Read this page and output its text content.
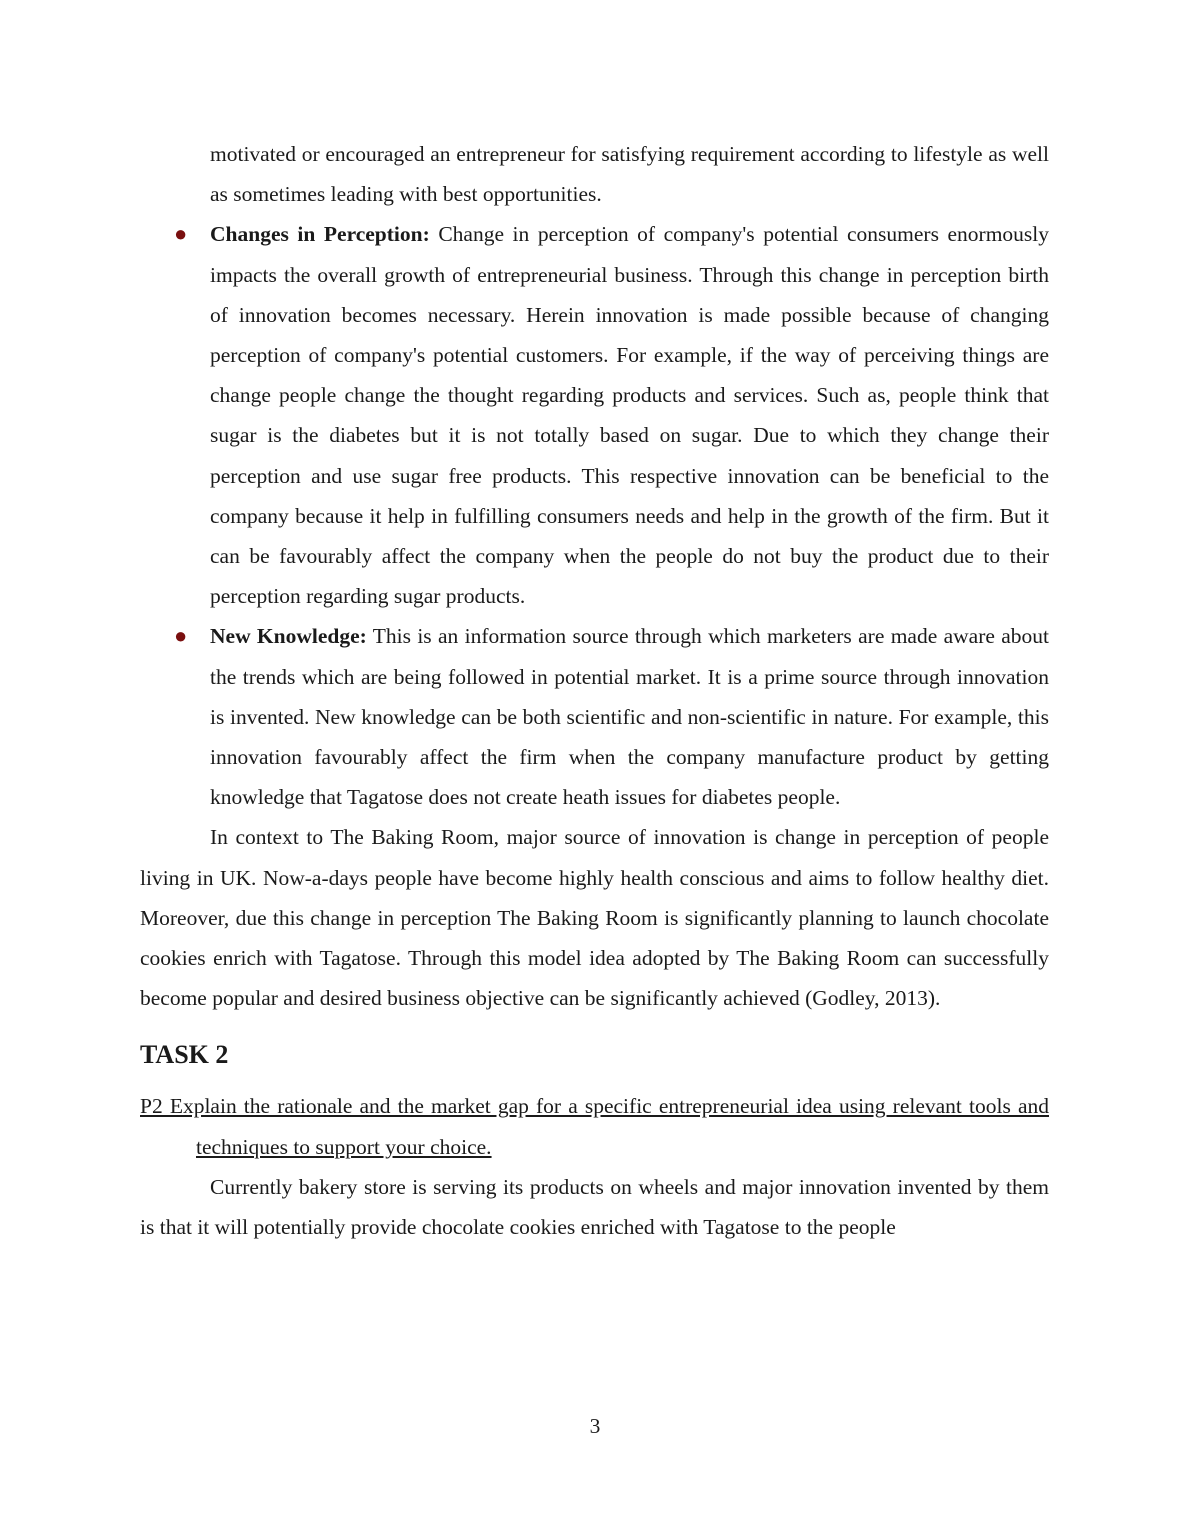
motivated or encouraged an entrepreneur for satisfying requirement according to lifestyle as well as sometimes leading with best opportunities.

● Changes in Perception: Change in perception of company's potential consumers enormously impacts the overall growth of entrepreneurial business. Through this change in perception birth of innovation becomes necessary. Herein innovation is made possible because of changing perception of company's potential customers. For example, if the way of perceiving things are change people change the thought regarding products and services. Such as, people think that sugar is the diabetes but it is not totally based on sugar. Due to which they change their perception and use sugar free products. This respective innovation can be beneficial to the company because it help in fulfilling consumers needs and help in the growth of the firm. But it can be favourably affect the company when the people do not buy the product due to their perception regarding sugar products.

● New Knowledge: This is an information source through which marketers are made aware about the trends which are being followed in potential market. It is a prime source through innovation is invented. New knowledge can be both scientific and non-scientific in nature. For example, this innovation favourably affect the firm when the company manufacture product by getting knowledge that Tagatose does not create heath issues for diabetes people.

In context to The Baking Room, major source of innovation is change in perception of people living in UK. Now-a-days people have become highly health conscious and aims to follow healthy diet. Moreover, due this change in perception The Baking Room is significantly planning to launch chocolate cookies enrich with Tagatose. Through this model idea adopted by The Baking Room can successfully become popular and desired business objective can be significantly achieved (Godley, 2013).

TASK 2

P2 Explain the rationale and the market gap for a specific entrepreneurial idea using relevant tools and techniques to support your choice.

Currently bakery store is serving its products on wheels and major innovation invented by them is that it will potentially provide chocolate cookies enriched with Tagatose to the people

3
